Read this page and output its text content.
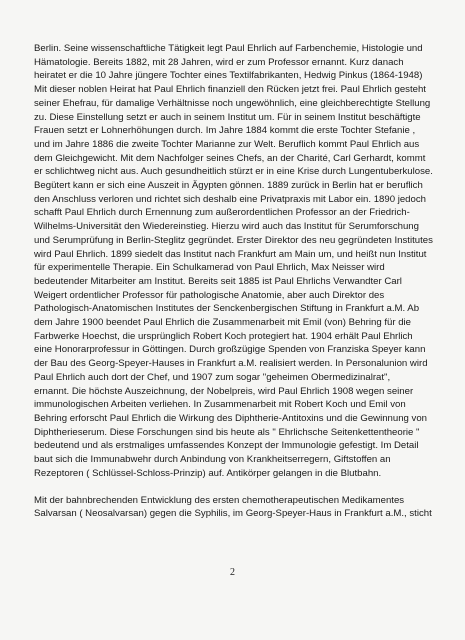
Berlin. Seine wissenschaftliche Tätigkeit legt Paul Ehrlich auf Farbenchemie, Histologie und
Hämatologie. Bereits 1882, mit 28 Jahren, wird er zum Professor ernannt. Kurz danach
heiratet er die 10 Jahre jüngere Tochter eines Textilfabrikanten, Hedwig Pinkus (1864-1948)
Mit dieser noblen Heirat hat Paul Ehrlich finanziell den Rücken jetzt frei. Paul Ehrlich gesteht
seiner Ehefrau, für damalige Verhältnisse noch ungewöhnlich, eine gleichberechtigte Stellung
zu. Diese Einstellung setzt er auch in seinem Institut um. Für in seinem Institut beschäftigte
Frauen setzt er Lohnerhöhungen durch. Im Jahre 1884 kommt die erste Tochter Stefanie ,
und im Jahre 1886 die zweite Tochter Marianne zur Welt. Beruflich kommt Paul Ehrlich aus
dem Gleichgewicht. Mit dem Nachfolger seines Chefs, an der Charité, Carl Gerhardt, kommt
er schlichtweg nicht aus. Auch gesundheitlich stürzt er in eine Krise durch Lungentuberkulose.
Begütert kann er sich eine Auszeit in Ägypten gönnen. 1889 zurück in Berlin hat er beruflich
den Anschluss verloren und richtet sich deshalb eine Privatpraxis mit Labor ein. 1890 jedoch
schafft Paul Ehrlich durch Ernennung zum außerordentlichen Professor an der Friedrich-
Wilhelms-Universität den Wiedereinstieg. Hierzu wird auch das Institut für Serumforschung
und Serumprüfung in Berlin-Steglitz gegründet. Erster Direktor des neu gegründeten Institutes
wird Paul Ehrlich. 1899 siedelt das Institut nach Frankfurt am Main um, und heißt nun Institut
für experimentelle Therapie. Ein Schulkamerad von Paul Ehrlich, Max Neisser wird
bedeutender Mitarbeiter am Institut. Bereits seit 1885 ist Paul Ehrlichs Verwandter Carl
Weigert ordentlicher Professor für pathologische Anatomie, aber auch Direktor des
Pathologisch-Anatomischen Institutes der Senckenbergischen Stiftung in Frankfurt a.M. Ab
dem Jahre 1900 beendet Paul Ehrlich die Zusammenarbeit mit Emil (von) Behring für die
Farbwerke Hoechst, die ursprünglich Robert Koch protegiert hat. 1904 erhält Paul Ehrlich
eine Honorarprofessur in Göttingen. Durch großzügige Spenden von Franziska Speyer kann
der Bau des Georg-Speyer-Hauses in Frankfurt a.M. realisiert werden. In Personalunion wird
Paul Ehrlich auch dort der Chef, und 1907 zum sogar "geheimen Obermedizinalrat",
ernannt. Die höchste Auszeichnung, der Nobelpreis, wird Paul Ehrlich 1908 wegen seiner
immunologischen Arbeiten verliehen. In Zusammenarbeit mit Robert Koch und Emil von
Behring erforscht Paul Ehrlich die Wirkung des Diphtherie-Antitoxins und die Gewinnung von
Diphtherieserum. Diese Forschungen sind bis heute als " Ehrlichsche Seitenkettentheorie "
bedeutend und als erstmaliges umfassendes Konzept der Immunologie gefestigt. Im Detail
baut sich die Immunabwehr durch Anbindung von Krankheitserregern, Giftstoffen an
Rezeptoren ( Schlüssel-Schloss-Prinzip) auf. Antikörper gelangen in die Blutbahn.
Mit der bahnbrechenden Entwicklung des ersten chemotherapeutischen Medikamentes
Salvarsan ( Neosalvarsan) gegen die Syphilis, im Georg-Speyer-Haus in Frankfurt a.M., sticht
2
